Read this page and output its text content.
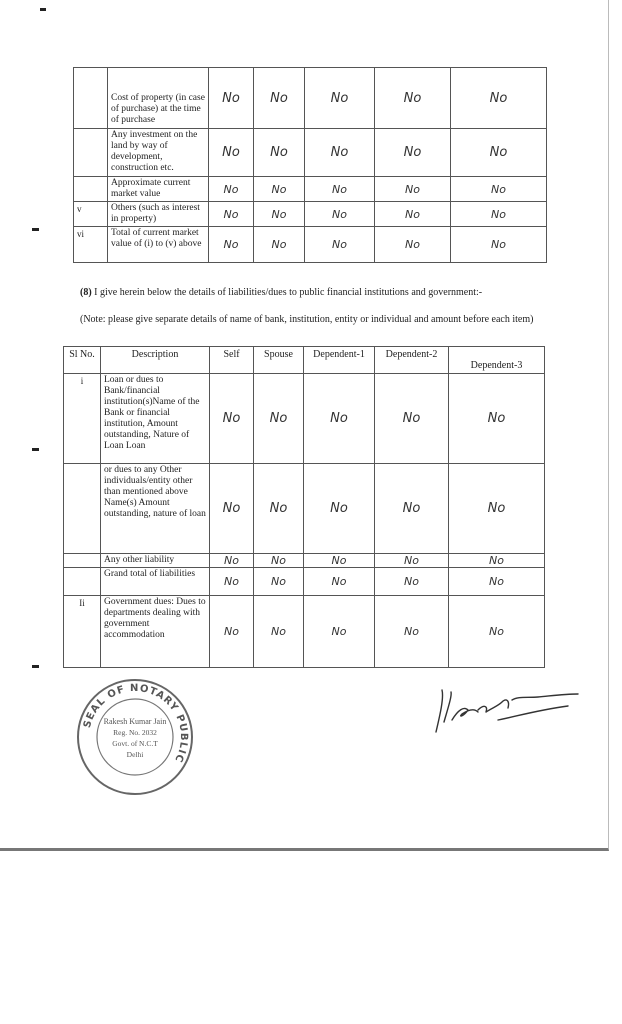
	Cost of property (in case of purchase) at the time of purchase	No	No	No	No	No
	Any investment on the land by way of development, construction etc.	No	No	No	No	No
	Approximate current market value	No	No	No	No	No
v	Others (such as interest in property)	No	No	No	No	No
vi	Total of current market value of (i) to (v) above	No	No	No	No	No
(8) I give herein below the details of liabilities/dues to public financial institutions and government:-
(Note: please give separate details of name of bank, institution, entity or individual and amount before each item)
Sl No.	Description	Self	Spouse	Dependent-1	Dependent-2	Dependent-3
i	Loan or dues to Bank/financial institution(s)Name of the Bank or financial institution, Amount outstanding, Nature of Loan Loan	No	No	No	No	No
	or dues to any Other individuals/entity other than mentioned above Name(s) Amount outstanding, nature of loan	No	No	No	No	No
	Any other liability	No	No	No	No	No
	Grand total of liabilities	No	No	No	No	No
Ii	Government dues: Dues to departments dealing with government accommodation	No	No	No	No	No
SEAL OF NOTARY PUBLIC
Rakesh Kumar Jain
Reg. No. 2032
Govt. of N.C.T
Delhi
